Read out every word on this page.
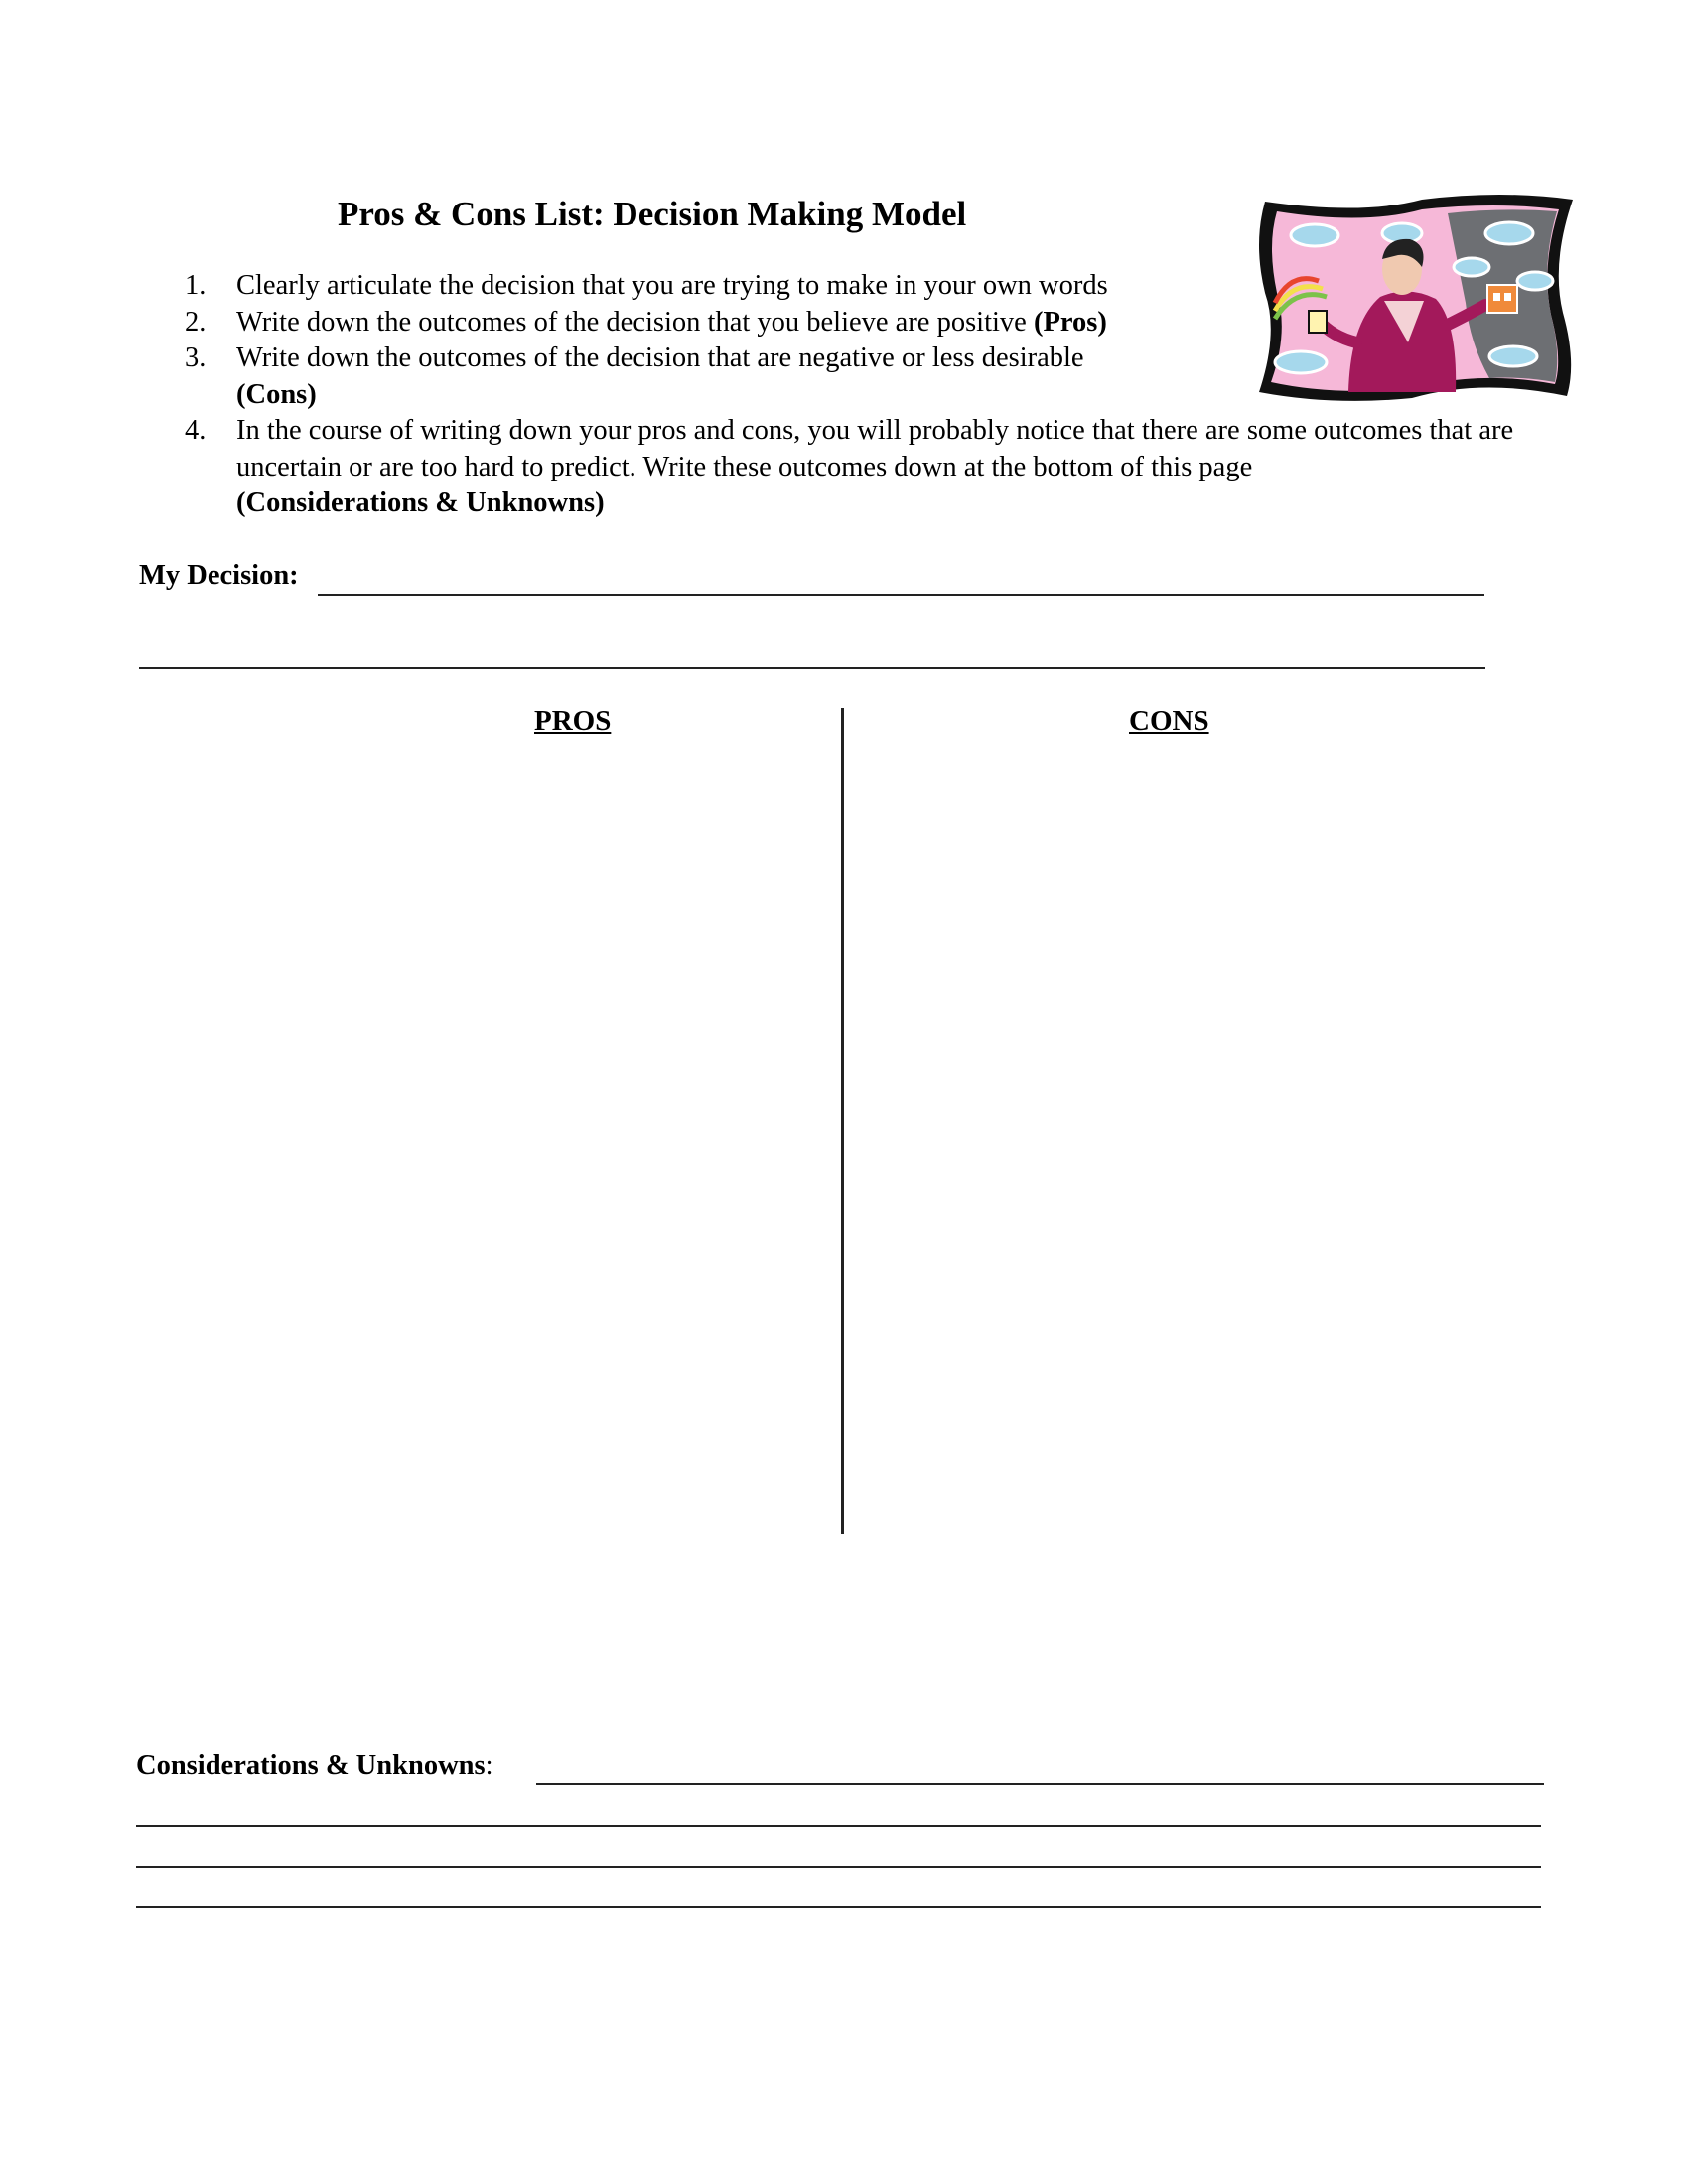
Pros & Cons List: Decision Making Model
1. Clearly articulate the decision that you are trying to make in your own words
2. Write down the outcomes of the decision that you believe are positive (Pros)
3. Write down the outcomes of the decision that are negative or less desirable
(Cons)
4. In the course of writing down your pros and cons, you will probably notice that there are some outcomes that are uncertain or are too hard to predict. Write these outcomes down at the bottom of this page
(Considerations & Unknowns)
My Decision:
PROS	CONS
Considerations & Unknowns:
